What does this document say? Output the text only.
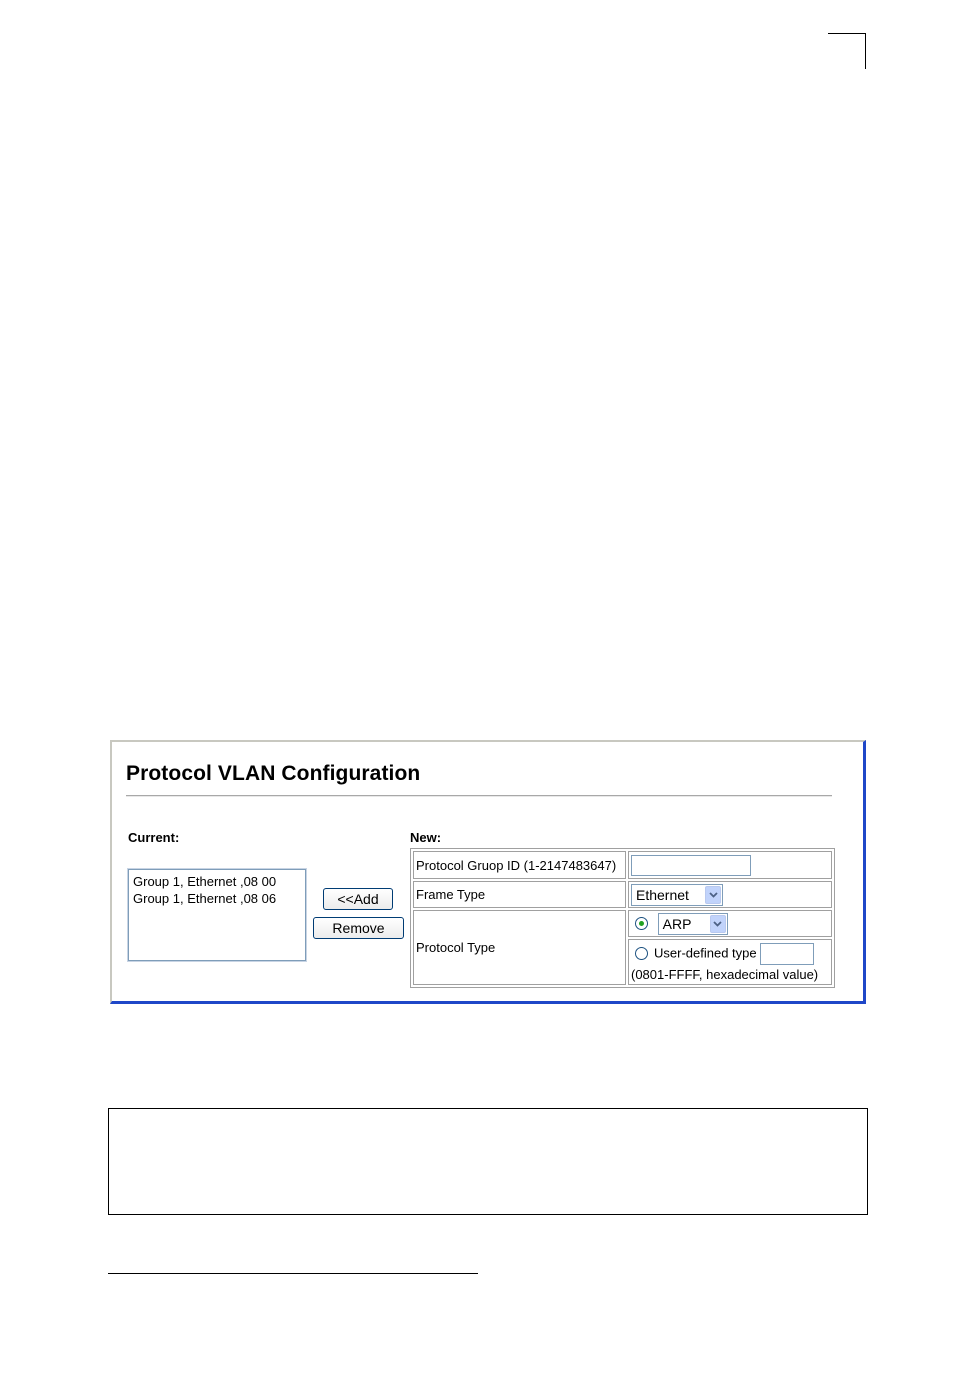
Protocol VLAN Configuration
Current:	New:
Group 1, Ethernet ,08 00
Group 1, Ethernet ,08 06	<<Add
Remove
Protocol Gruop ID (1-2147483647)	
Frame Type	Ethernet

Protocol Type	ARP

	User-defined type
(0801-FFFF, hexadecimal value)
